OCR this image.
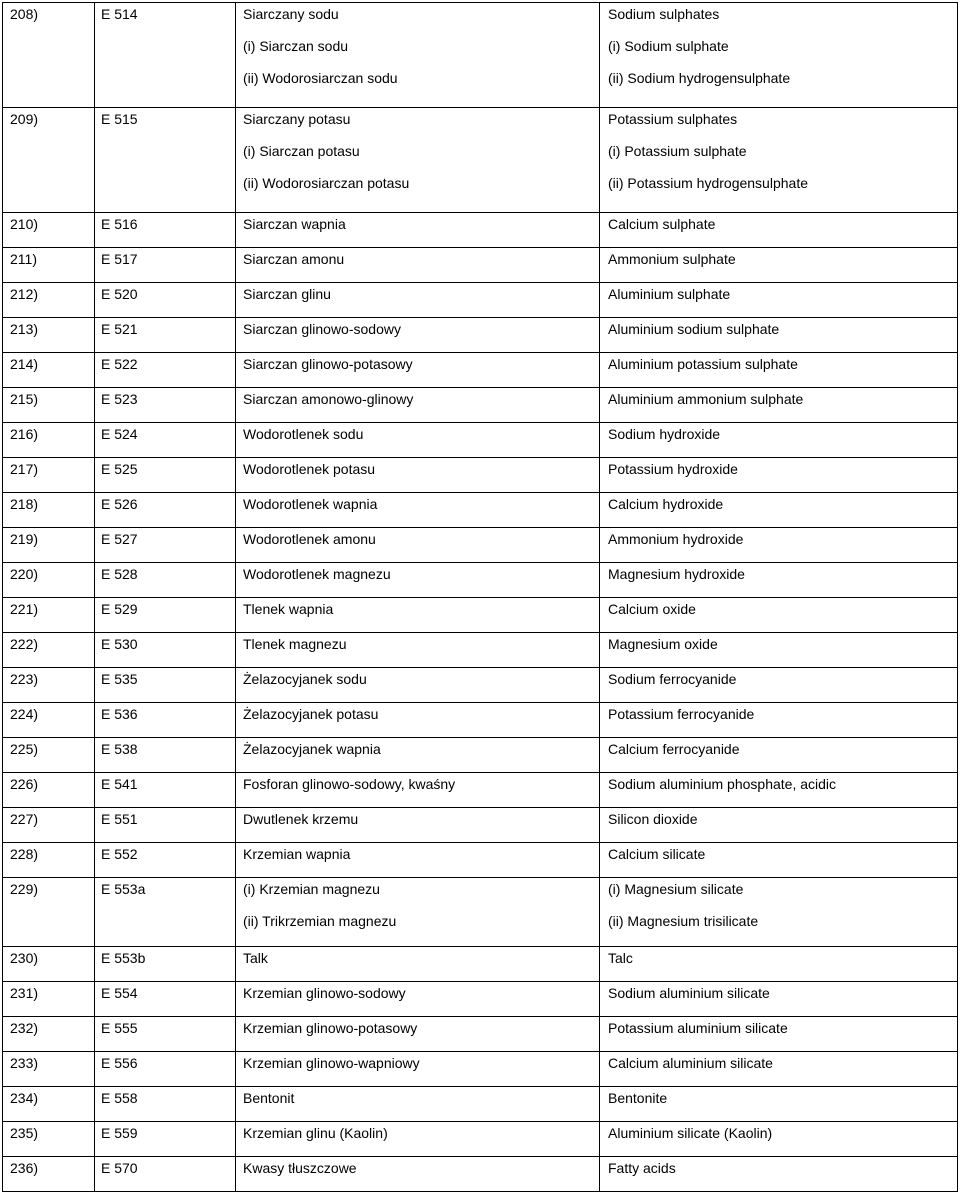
208)	E 514	Siarczany sodu
(i) Siarczan sodu
(ii) Wodorosiarczan sodu	Sodium sulphates
(i) Sodium sulphate
(ii) Sodium hydrogensulphate

209)	E 515	Siarczany potasu
(i) Siarczan potasu
(ii) Wodorosiarczan potasu	Potassium sulphates
(i) Potassium sulphate
(ii) Potassium hydrogensulphate

210)	E 516	Siarczan wapnia	Calcium sulphate

211)	E 517	Siarczan amonu	Ammonium sulphate

212)	E 520	Siarczan glinu	Aluminium sulphate

213)	E 521	Siarczan glinowo-sodowy	Aluminium sodium sulphate

214)	E 522	Siarczan glinowo-potasowy	Aluminium potassium sulphate

215)	E 523	Siarczan amonowo-glinowy	Aluminium ammonium sulphate

216)	E 524	Wodorotlenek sodu	Sodium hydroxide

217)	E 525	Wodorotlenek potasu	Potassium hydroxide

218)	E 526	Wodorotlenek wapnia	Calcium hydroxide

219)	E 527	Wodorotlenek amonu	Ammonium hydroxide

220)	E 528	Wodorotlenek magnezu	Magnesium hydroxide

221)	E 529	Tlenek wapnia	Calcium oxide

222)	E 530	Tlenek magnezu	Magnesium oxide

223)	E 535	Żelazocyjanek sodu	Sodium ferrocyanide

224)	E 536	Żelazocyjanek potasu	Potassium ferrocyanide

225)	E 538	Żelazocyjanek wapnia	Calcium ferrocyanide

226)	E 541	Fosforan glinowo-sodowy, kwaśny	Sodium aluminium phosphate, acidic

227)	E 551	Dwutlenek krzemu	Silicon dioxide

228)	E 552	Krzemian wapnia	Calcium silicate

229)	E 553a	(i) Krzemian magnezu
(ii) Trikrzemian magnezu	(i) Magnesium silicate
(ii) Magnesium trisilicate

230)	E 553b	Talk	Talc

231)	E 554	Krzemian glinowo-sodowy	Sodium aluminium silicate

232)	E 555	Krzemian glinowo-potasowy	Potassium aluminium silicate

233)	E 556	Krzemian glinowo-wapniowy	Calcium aluminium silicate

234)	E 558	Bentonit	Bentonite

235)	E 559	Krzemian glinu (Kaolin)	Aluminium silicate (Kaolin)

236)	E 570	Kwasy tłuszczowe	Fatty acids
